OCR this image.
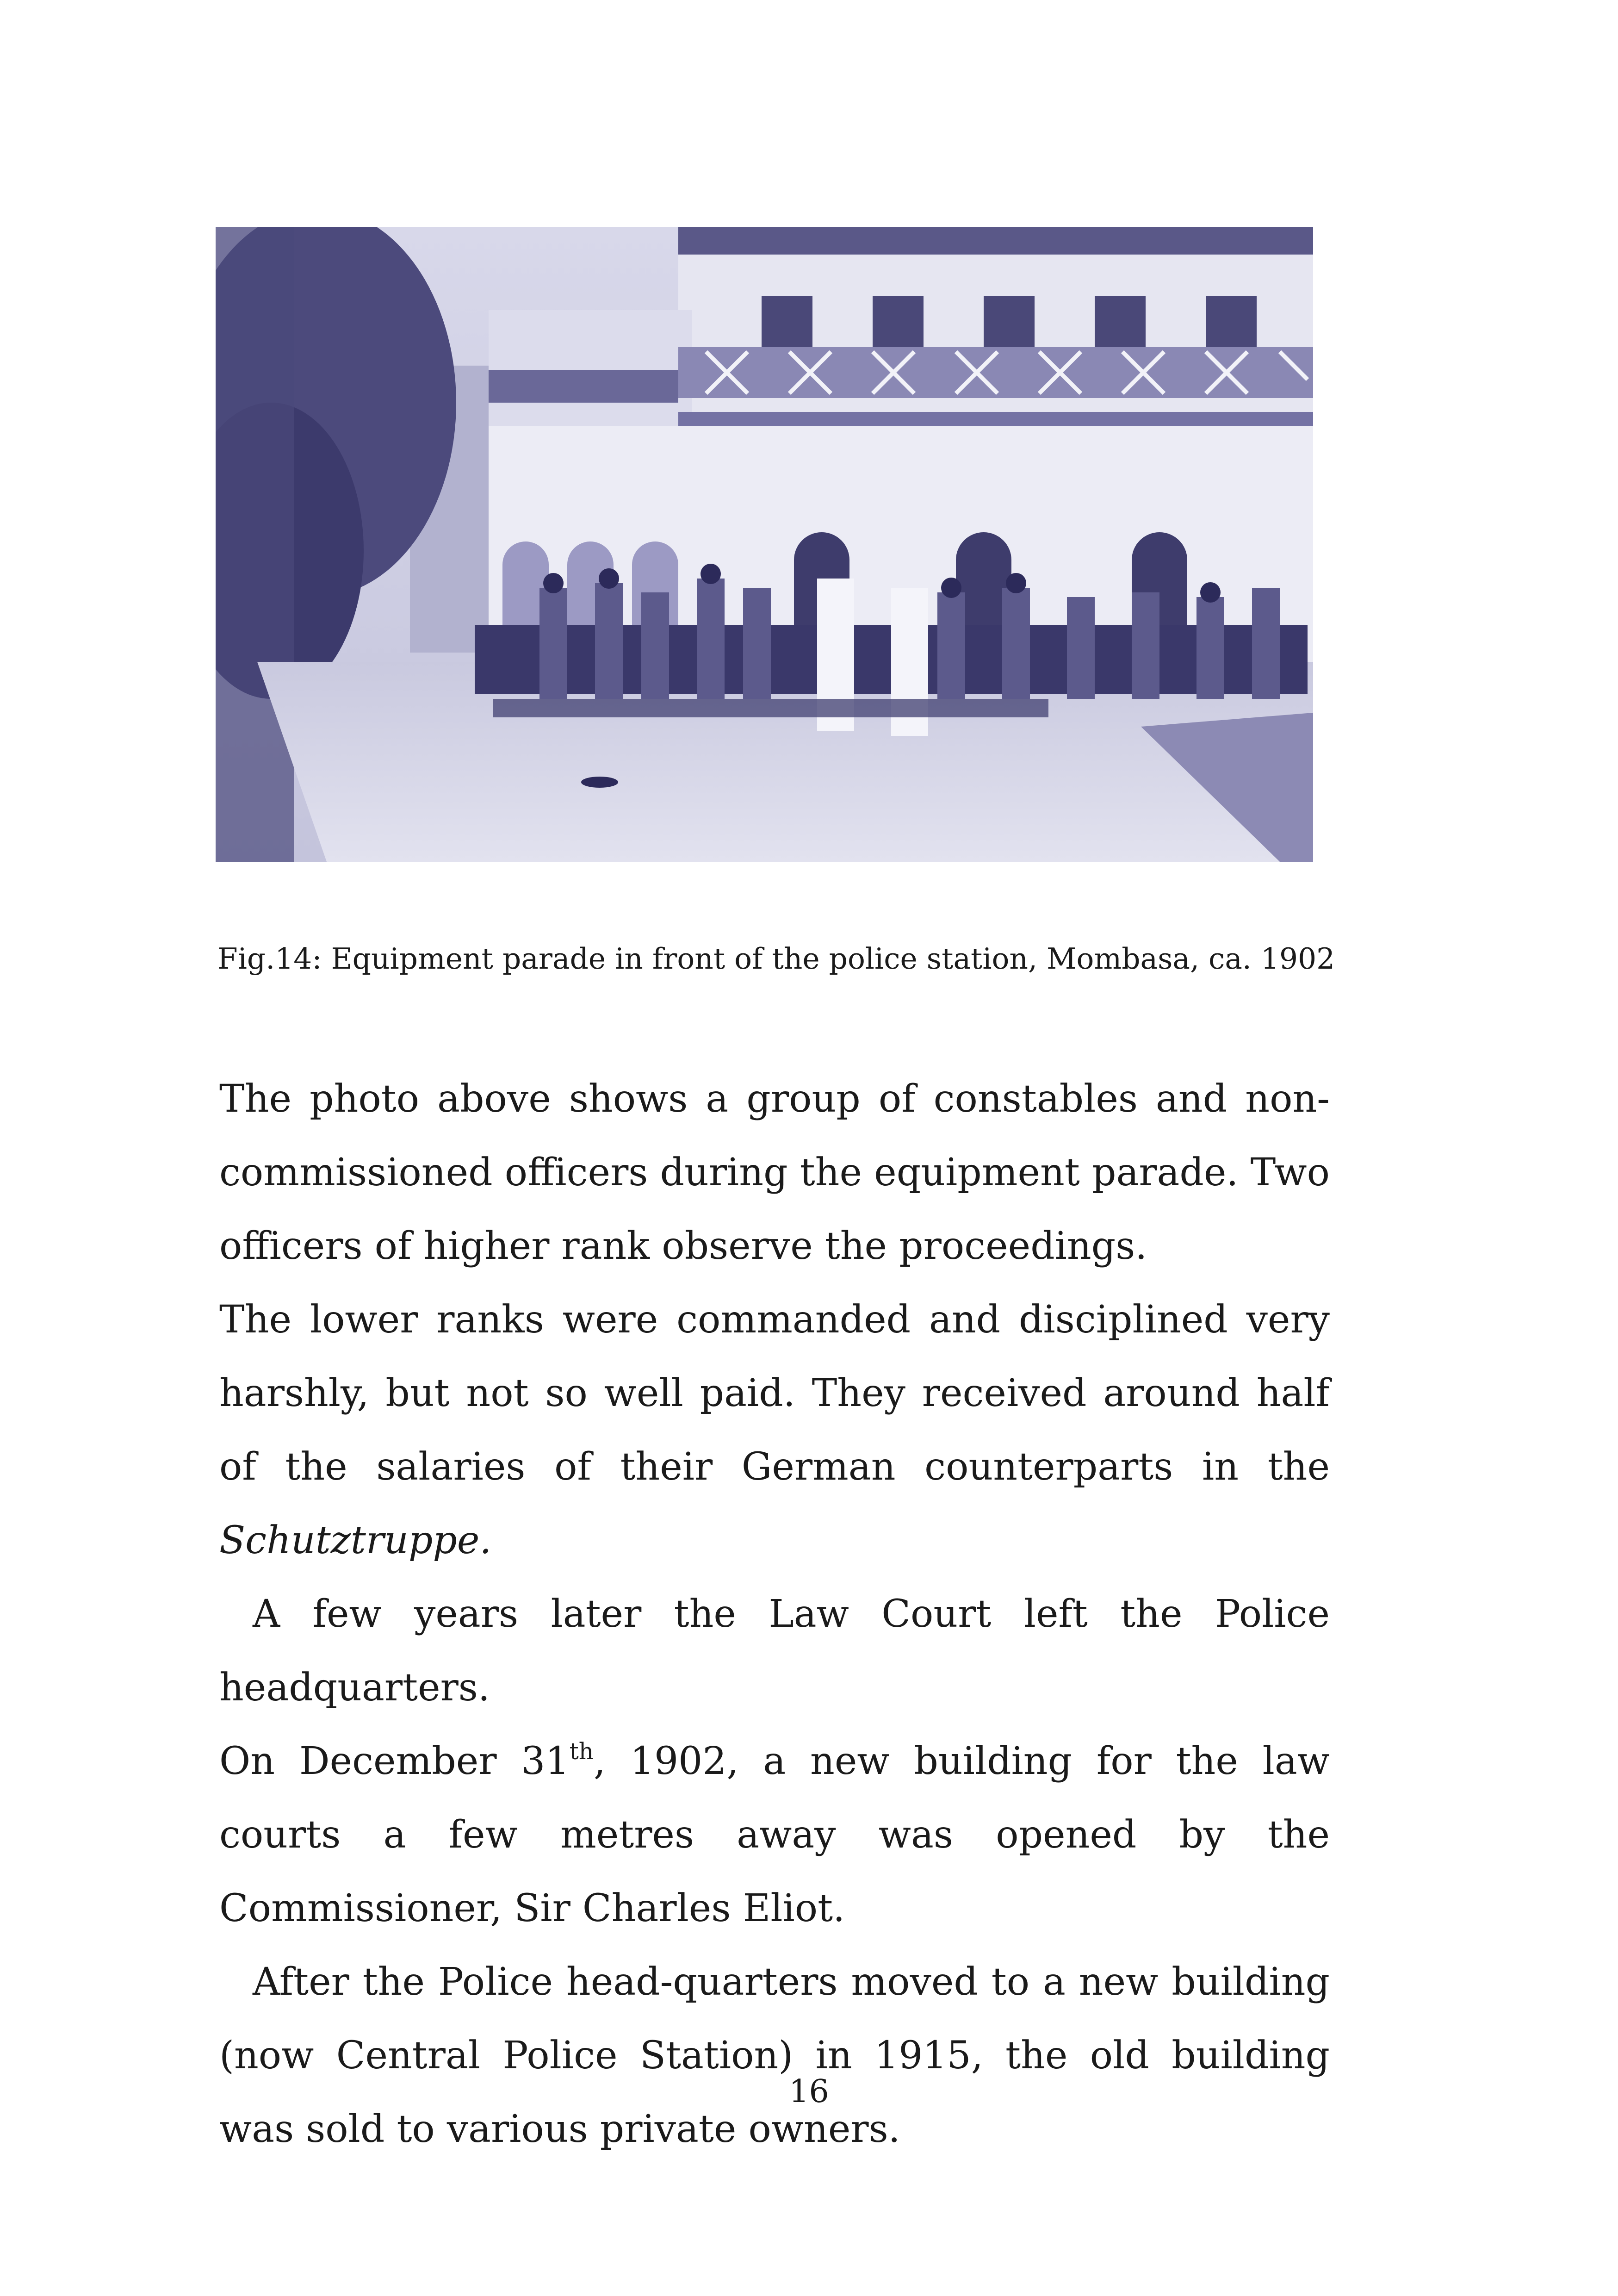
Fig.14: Equipment parade in front of the police station, Mombasa, ca. 1902

The photo above shows a group of constables and non-commissioned officers during the equipment parade. Two officers of higher rank observe the proceedings.

The lower ranks were commanded and disciplined very harshly, but not so well paid. They received around half of the salaries of their German counterparts in the Schutztruppe.

A few years later the Law Court left the Police headquarters.

On December 31th, 1902, a new building for the law courts a few metres away was opened by the Commissioner, Sir Charles Eliot.

After the Police head-quarters moved to a new building (now Central Police Station) in 1915, the old building was sold to various private owners.

16
